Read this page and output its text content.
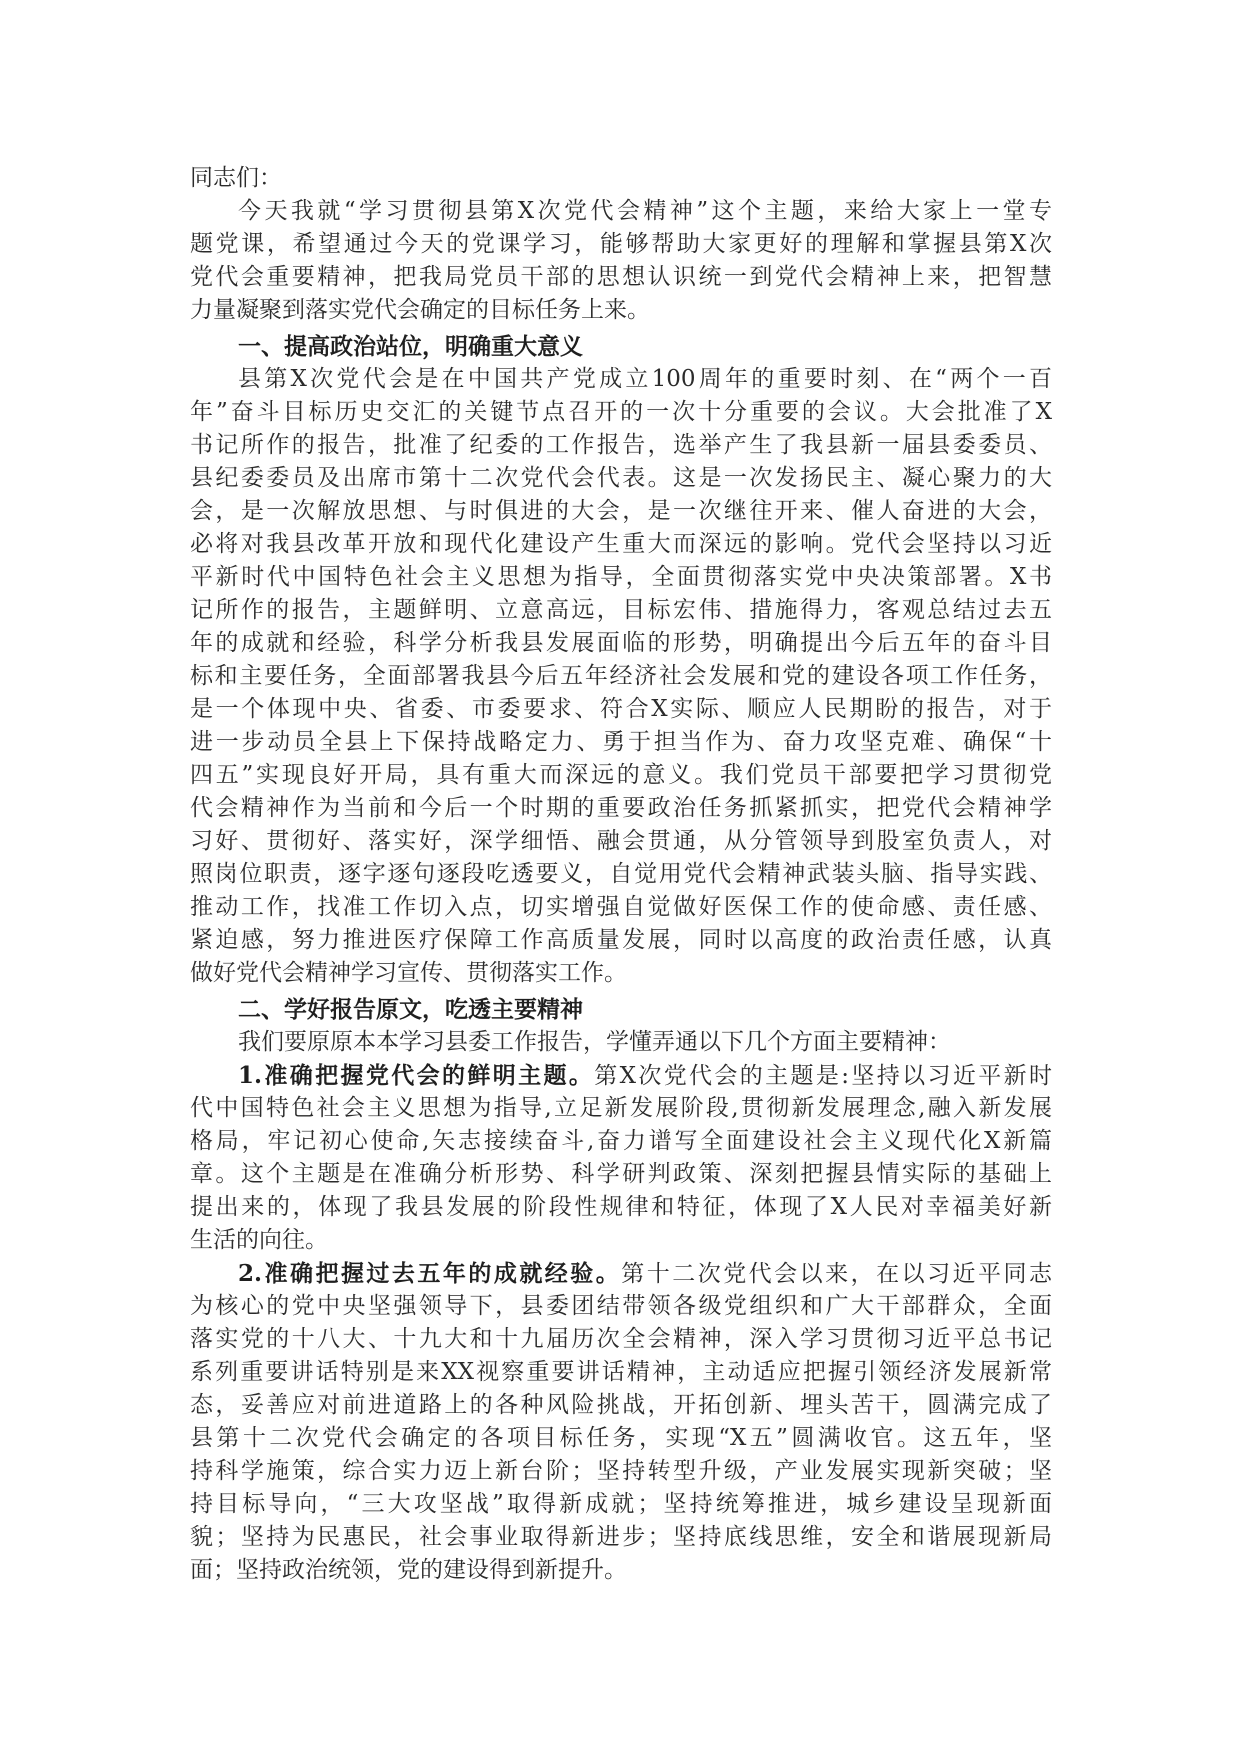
同志们：
今天我就“学习贯彻县第X次党代会精神”这个主题，来给大家上一堂专
题党课，希望通过今天的党课学习，能够帮助大家更好的理解和掌握县第X次
党代会重要精神，把我局党员干部的思想认识统一到党代会精神上来，把智慧
力量凝聚到落实党代会确定的目标任务上来。
一、提高政治站位，明确重大意义
县第X次党代会是在中国共产党成立100周年的重要时刻、在“两个一百
年”奋斗目标历史交汇的关键节点召开的一次十分重要的会议。大会批准了X
书记所作的报告，批准了纪委的工作报告，选举产生了我县新一届县委委员、
县纪委委员及出席市第十二次党代会代表。这是一次发扬民主、凝心聚力的大
会，是一次解放思想、与时俱进的大会，是一次继往开来、催人奋进的大会，
必将对我县改革开放和现代化建设产生重大而深远的影响。党代会坚持以习近
平新时代中国特色社会主义思想为指导，全面贯彻落实党中央决策部署。X书
记所作的报告，主题鲜明、立意高远，目标宏伟、措施得力，客观总结过去五
年的成就和经验，科学分析我县发展面临的形势，明确提出今后五年的奋斗目
标和主要任务，全面部署我县今后五年经济社会发展和党的建设各项工作任务，
是一个体现中央、省委、市委要求、符合X实际、顺应人民期盼的报告，对于
进一步动员全县上下保持战略定力、勇于担当作为、奋力攻坚克难、确保“十
四五”实现良好开局，具有重大而深远的意义。我们党员干部要把学习贯彻党
代会精神作为当前和今后一个时期的重要政治任务抓紧抓实，把党代会精神学
习好、贯彻好、落实好，深学细悟、融会贯通，从分管领导到股室负责人，对
照岗位职责，逐字逐句逐段吃透要义，自觉用党代会精神武装头脑、指导实践、
推动工作，找准工作切入点，切实增强自觉做好医保工作的使命感、责任感、
紧迫感，努力推进医疗保障工作高质量发展，同时以高度的政治责任感，认真
做好党代会精神学习宣传、贯彻落实工作。
二、学好报告原文，吃透主要精神
我们要原原本本学习县委工作报告，学懂弄通以下几个方面主要精神：
1.准确把握党代会的鲜明主题。第X次党代会的主题是:坚持以习近平新时
代中国特色社会主义思想为指导,立足新发展阶段,贯彻新发展理念,融入新发展
格局，牢记初心使命,矢志接续奋斗,奋力谱写全面建设社会主义现代化X新篇
章。这个主题是在准确分析形势、科学研判政策、深刻把握县情实际的基础上
提出来的，体现了我县发展的阶段性规律和特征，体现了X人民对幸福美好新
生活的向往。
2.准确把握过去五年的成就经验。第十二次党代会以来，在以习近平同志
为核心的党中央坚强领导下，县委团结带领各级党组织和广大干部群众，全面
落实党的十八大、十九大和十九届历次全会精神，深入学习贯彻习近平总书记
系列重要讲话特别是来XX视察重要讲话精神，主动适应把握引领经济发展新常
态，妥善应对前进道路上的各种风险挑战，开拓创新、埋头苦干，圆满完成了
县第十二次党代会确定的各项目标任务，实现“X五”圆满收官。这五年，坚
持科学施策，综合实力迈上新台阶；坚持转型升级，产业发展实现新突破；坚
持目标导向，“三大攻坚战”取得新成就；坚持统筹推进，城乡建设呈现新面
貌；坚持为民惠民，社会事业取得新进步；坚持底线思维，安全和谐展现新局
面；坚持政治统领，党的建设得到新提升。
